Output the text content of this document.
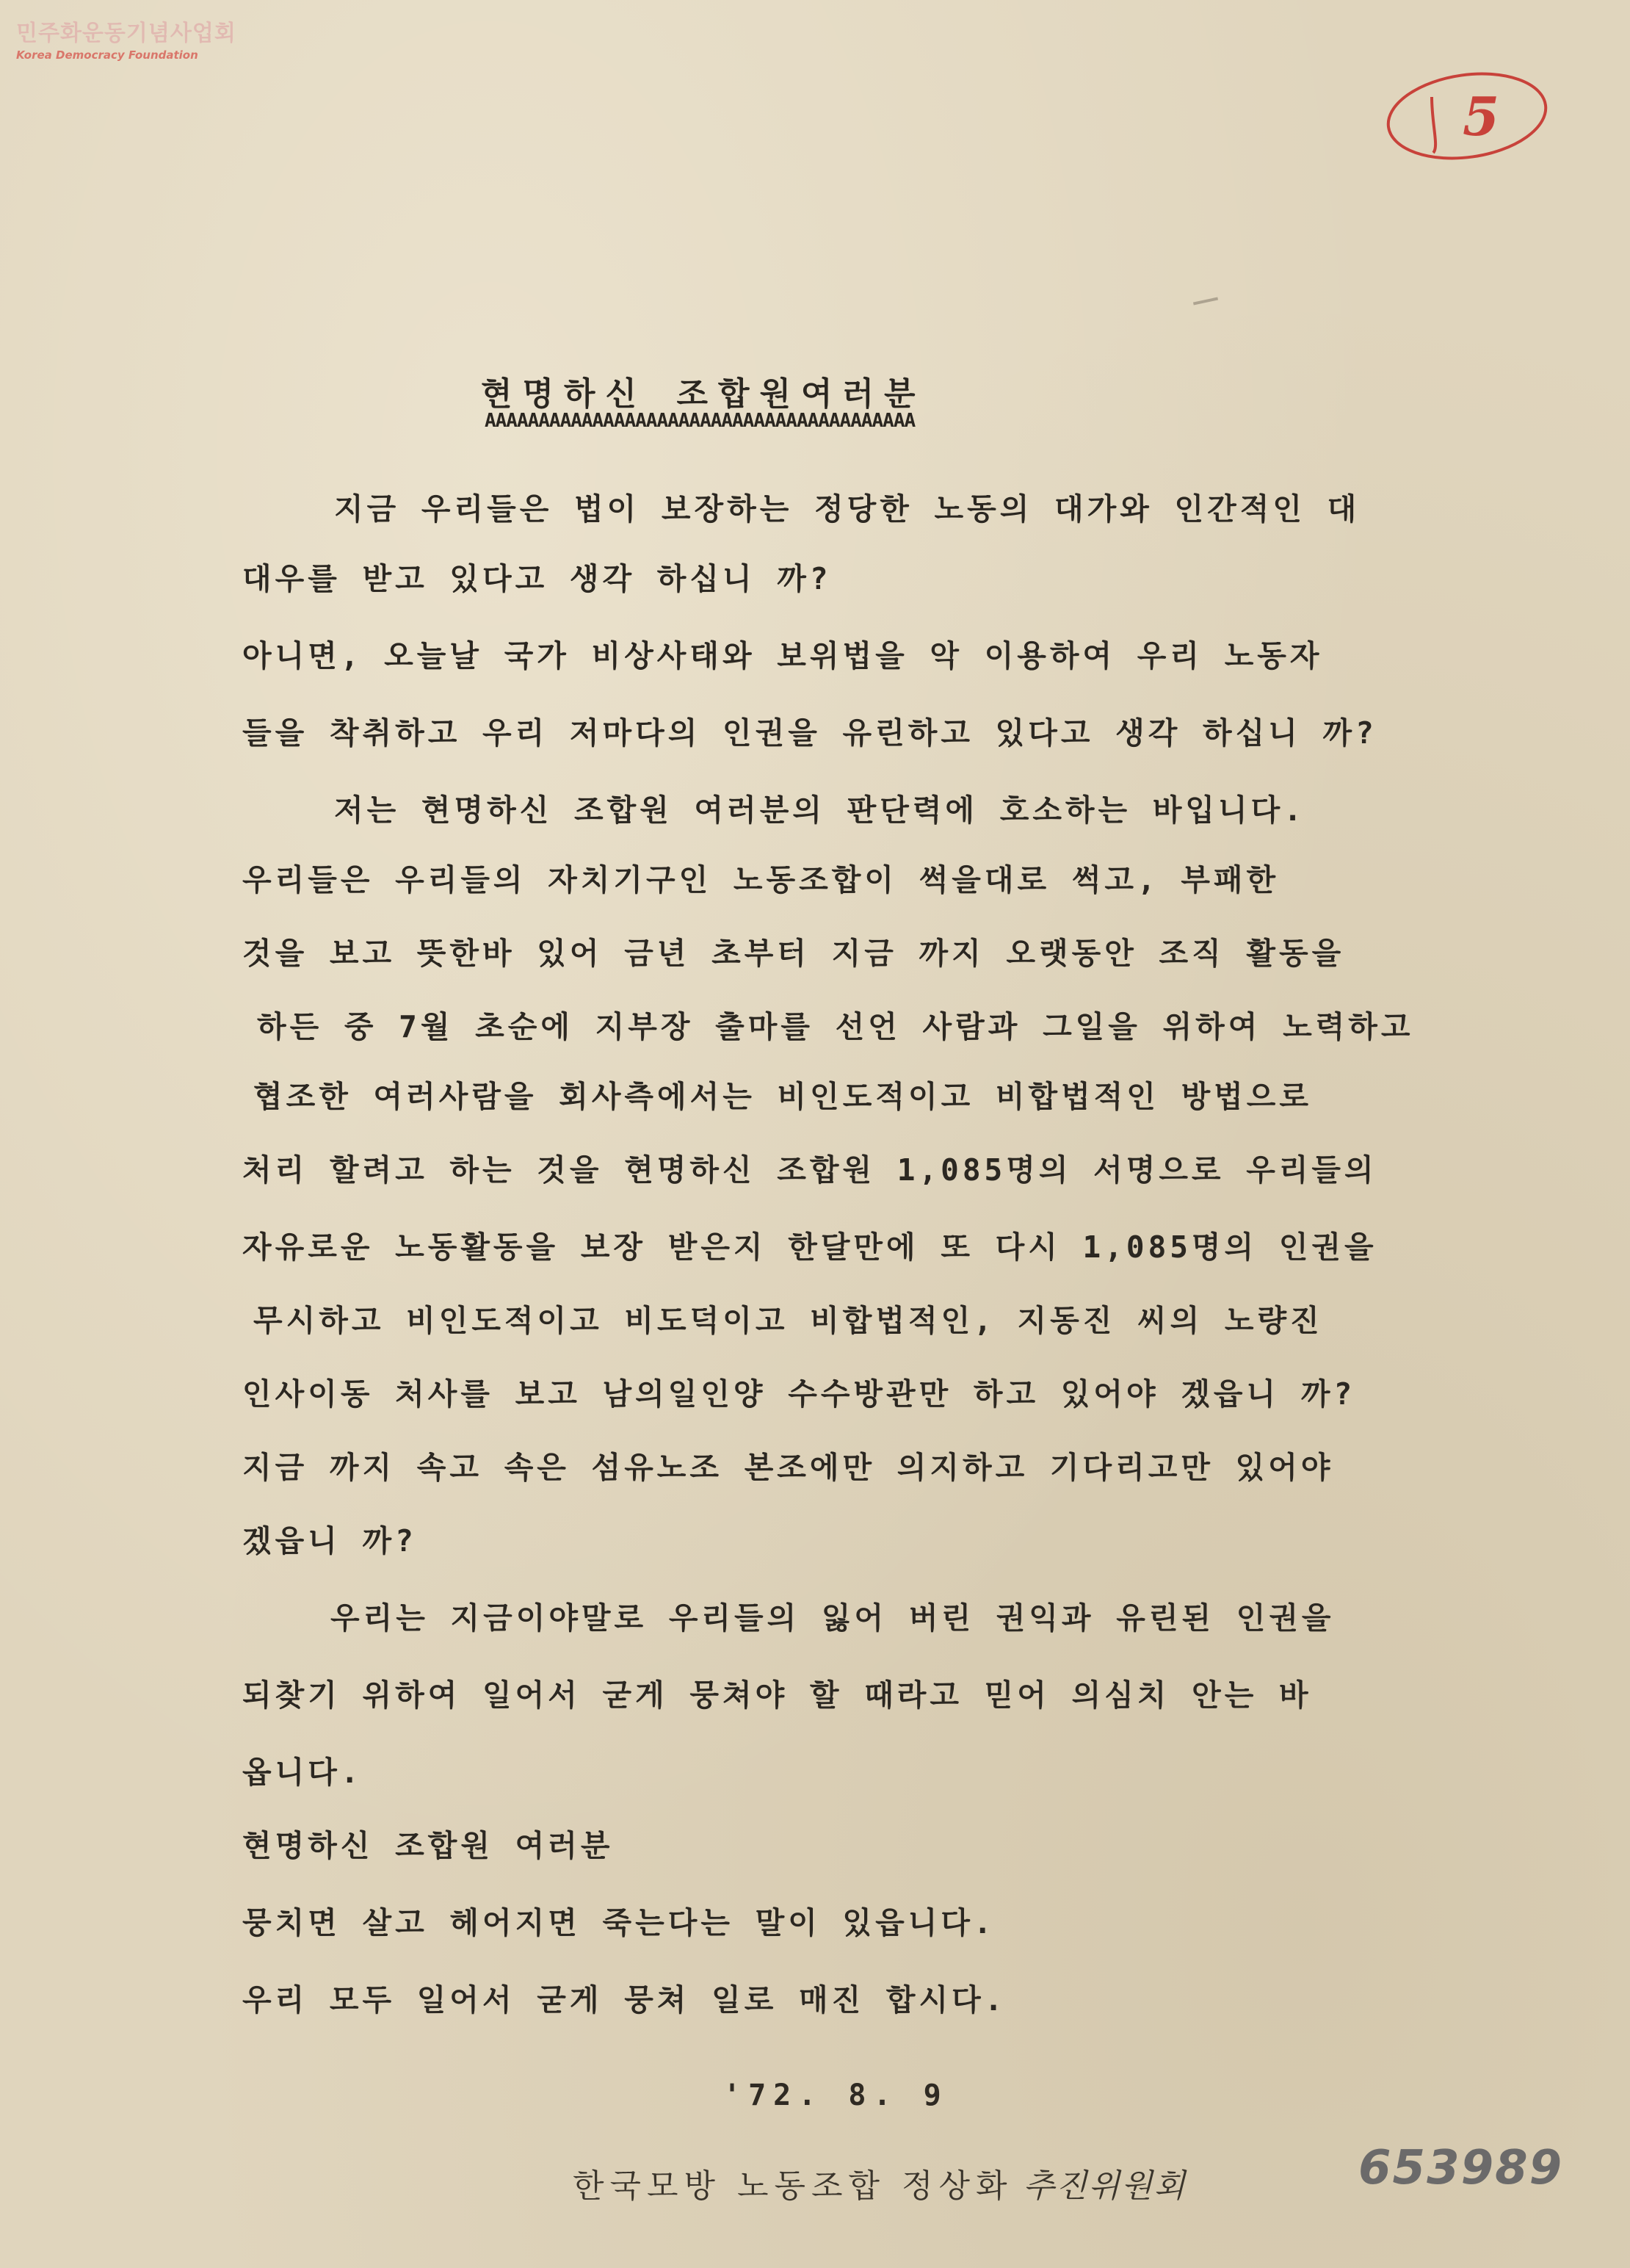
민주화운동기념사업회
Korea Democracy Foundation
5
현명하신 조합원여러분
AAAAAAAAAAAAAAAAAAAAAAAAAAAAAAAAAAAAAAAA
지금 우리들은 법이 보장하는 정당한 노동의 대가와 인간적인 대
대우를 받고 있다고 생각 하십니 까?
아니면, 오늘날 국가 비상사태와 보위법을 악 이용하여 우리 노동자
들을 착취하고 우리 저마다의 인권을 유린하고 있다고 생각 하십니 까?
저는 현명하신 조합원 여러분의 판단력에 호소하는 바입니다.
우리들은 우리들의 자치기구인 노동조합이 썩을대로 썩고, 부패한
것을 보고 뜻한바 있어 금년 초부터 지금 까지 오랫동안 조직 활동을
하든 중 7월 초순에 지부장 출마를 선언 사람과 그일을 위하여 노력하고
협조한 여러사람을 회사측에서는 비인도적이고 비합법적인 방법으로
처리 할려고 하는 것을 현명하신 조합원 1,085명의 서명으로 우리들의
자유로운 노동활동을 보장 받은지 한달만에 또 다시 1,085명의 인권을
무시하고 비인도적이고 비도덕이고 비합법적인, 지동진 씨의 노량진
인사이동 처사를 보고 남의일인양 수수방관만 하고 있어야 겠읍니 까?
지금 까지 속고 속은 섬유노조 본조에만 의지하고 기다리고만 있어야
겠읍니 까?
우리는 지금이야말로 우리들의 잃어 버린 권익과 유린된 인권을
되찾기 위하여 일어서 굳게 뭉쳐야 할 때라고 믿어 의심치 안는 바
옵니다.
현명하신 조합원 여러분
뭉치면 살고 헤어지면 죽는다는 말이 있읍니다.
우리 모두 일어서 굳게 뭉쳐 일로 매진 합시다.
'72. 8. 9
한국모방 노동조합 정상화 추진위원회	653989
